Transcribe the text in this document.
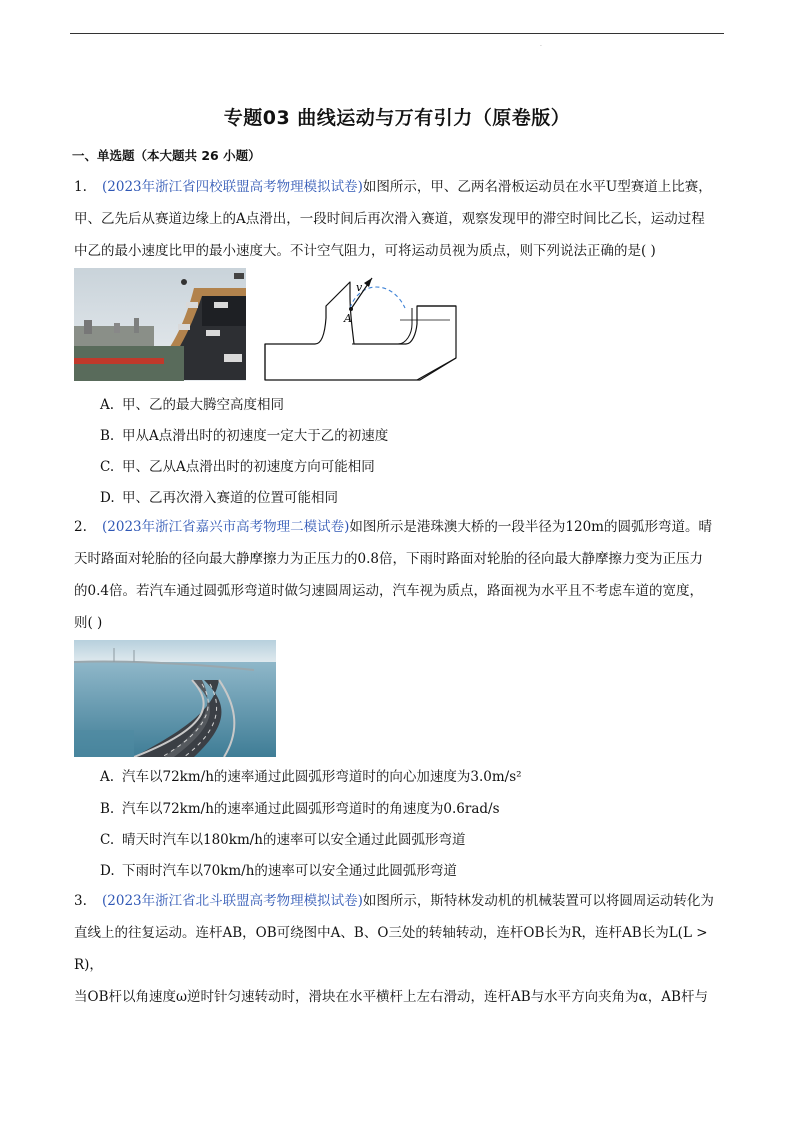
.
专题03 曲线运动与万有引力（原卷版）
一、单选题（本大题共 26 小题）

1. (2023年浙江省四校联盟高考物理模拟试卷)如图所示，甲、乙两名滑板运动员在水平U型赛道上比赛，
甲、乙先后从赛道边缘上的A点滑出，一段时间后再次滑入赛道，观察发现甲的滞空时间比乙长，运动过程
中乙的最小速度比甲的最小速度大。不计空气阻力，可将运动员视为质点，则下列说法正确的是( )

v
A
A. 甲、乙的最大腾空高度相同
B. 甲从A点滑出时的初速度一定大于乙的初速度
C. 甲、乙从A点滑出时的初速度方向可能相同
D. 甲、乙再次滑入赛道的位置可能相同

2. (2023年浙江省嘉兴市高考物理二模试卷)如图所示是港珠澳大桥的一段半径为120m的圆弧形弯道。晴
天时路面对轮胎的径向最大静摩擦力为正压力的0.8倍，下雨时路面对轮胎的径向最大静摩擦力变为正压力
的0.4倍。若汽车通过圆弧形弯道时做匀速圆周运动，汽车视为质点，路面视为水平且不考虑车道的宽度，
则( )

A. 汽车以72km/h的速率通过此圆弧形弯道时的向心加速度为3.0m/s²
B. 汽车以72km/h的速率通过此圆弧形弯道时的角速度为0.6rad/s
C. 晴天时汽车以180km/h的速率可以安全通过此圆弧形弯道
D. 下雨时汽车以70km/h的速率可以安全通过此圆弧形弯道

3. (2023年浙江省北斗联盟高考物理模拟试卷)如图所示，斯特林发动机的机械装置可以将圆周运动转化为
直线上的往复运动。连杆AB，OB可绕图中A、B、O三处的转轴转动，连杆OB长为R，连杆AB长为L(L > R)，
当OB杆以角速度ω逆时针匀速转动时，滑块在水平横杆上左右滑动，连杆AB与水平方向夹角为α，AB杆与
